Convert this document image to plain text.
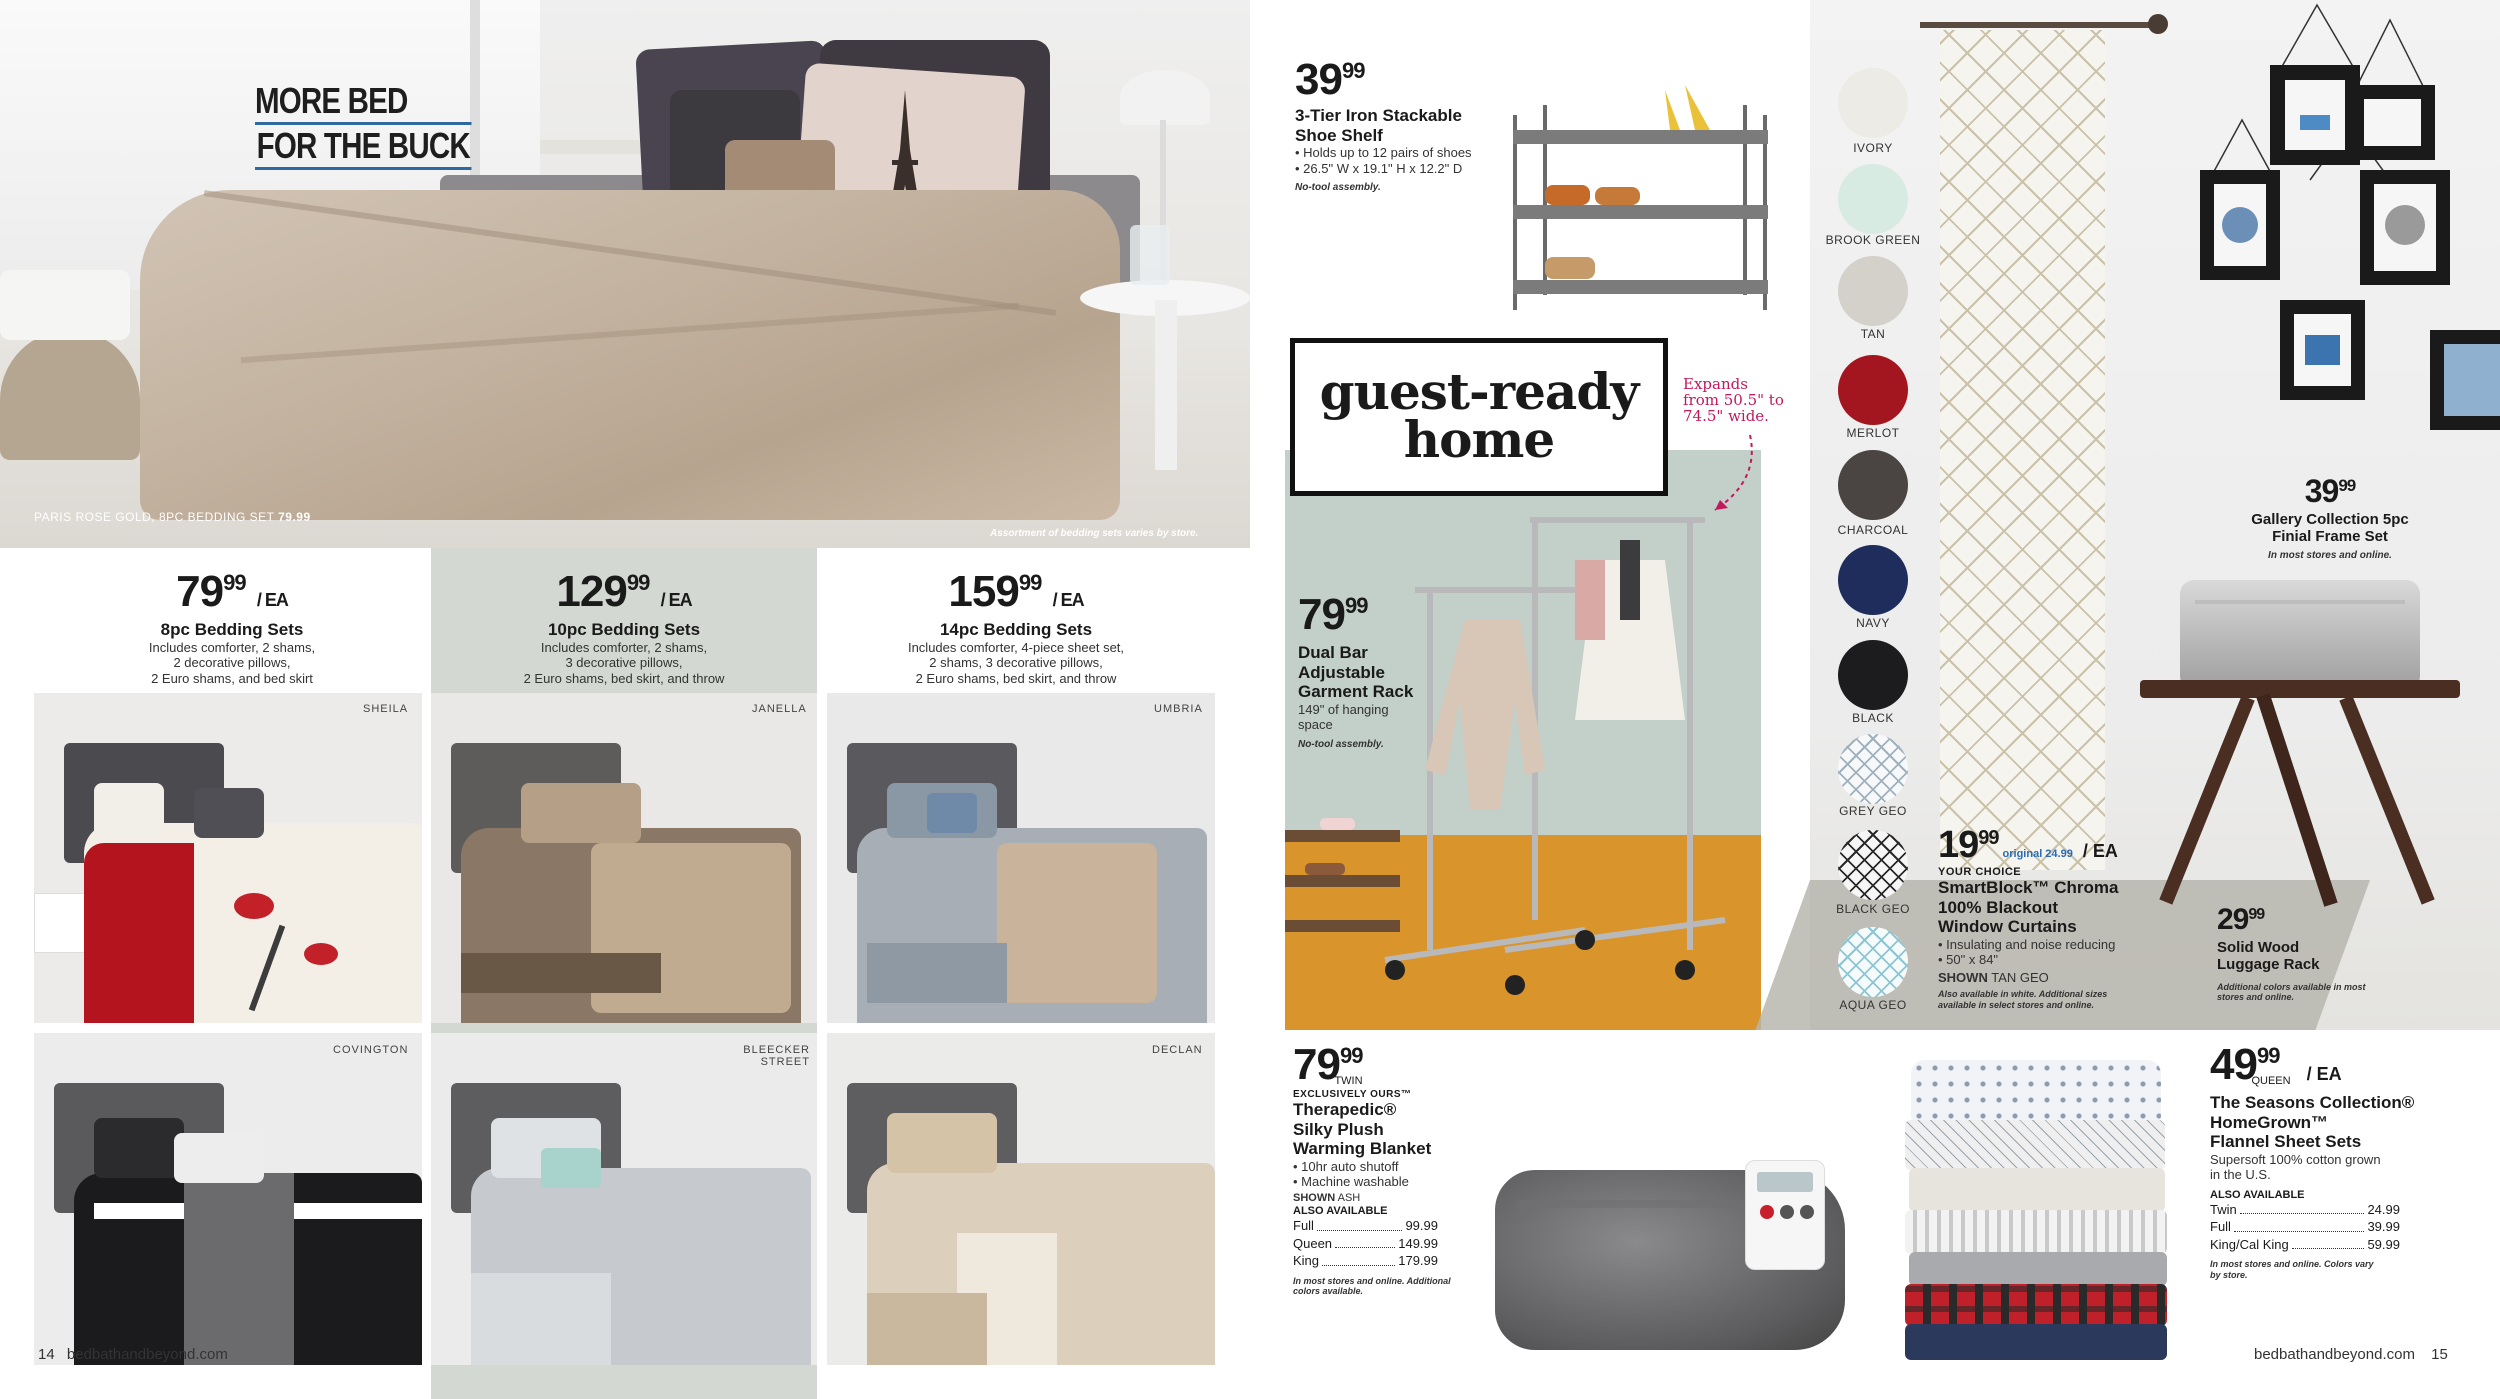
MORE BED
FOR THE BUCK
PARIS ROSE GOLD, 8PC BEDDING SET 79.99
Assortment of bedding sets varies by store.
$79^{99}$ / EA
8pc Bedding Sets
Includes comforter, 2 shams,
2 decorative pillows,
2 Euro shams, and bed skirt
$129^{99}$ / EA
10pc Bedding Sets
Includes comforter, 2 shams,
3 decorative pillows,
2 Euro shams, bed skirt, and throw
$159^{99}$ / EA
14pc Bedding Sets
Includes comforter, 4-piece sheet set,
2 shams, 3 decorative pillows,
2 Euro shams, bed skirt, and throw
SHEILA	JANELLA	UMBRIA
COVINGTON	BLEECKER STREET
DECLAN
14 bedbathandbeyond.com
$39^{99}$
3-Tier Iron Stackable
Shoe Shelf
• Holds up to 12 pairs of shoes
• 26.5" W x 19.1" H x 12.2" D
No-tool assembly.
guest-ready
home
Expands
from 50.5" to
74.5" wide.
$79^{99}$
Dual Bar
Adjustable
Garment Rack
149" of hanging
space
No-tool assembly.
IVORY
BROOK GREEN
TAN
MERLOT
CHARCOAL
NAVY
BLACK
GREY GEO
BLACK GEO
AQUA GEO
$39^{99}$
Gallery Collection 5pc
Finial Frame Set
In most stores and online.
$19^{99}$
original 24.99 / EA
YOUR CHOICE
SmartBlock™ Chroma
100% Blackout
Window Curtains
• Insulating and noise reducing
• 50" x 84"
SHOWN TAN GEO
Also available in white. Additional sizes available in select stores and online.
$29^{99}$
Solid Wood
Luggage Rack
Additional colors available in most stores and online.
$79^{99}$
TWIN
EXCLUSIVELY OURS™
Therapedic®
Silky Plush
Warming Blanket
• 10hr auto shutoff
• Machine washable
SHOWN ASH
ALSO AVAILABLE
Full	99.99
Queen	149.99
King	179.99
In most stores and online. Additional colors available.
$49^{99}$
QUEEN / EA
The Seasons Collection®
HomeGrown™
Flannel Sheet Sets
Supersoft 100% cotton grown
in the U.S.
ALSO AVAILABLE
Twin	24.99
Full	39.99
King/Cal King	59.99
In most stores and online. Colors vary by store.
bedbathandbeyond.com 15
